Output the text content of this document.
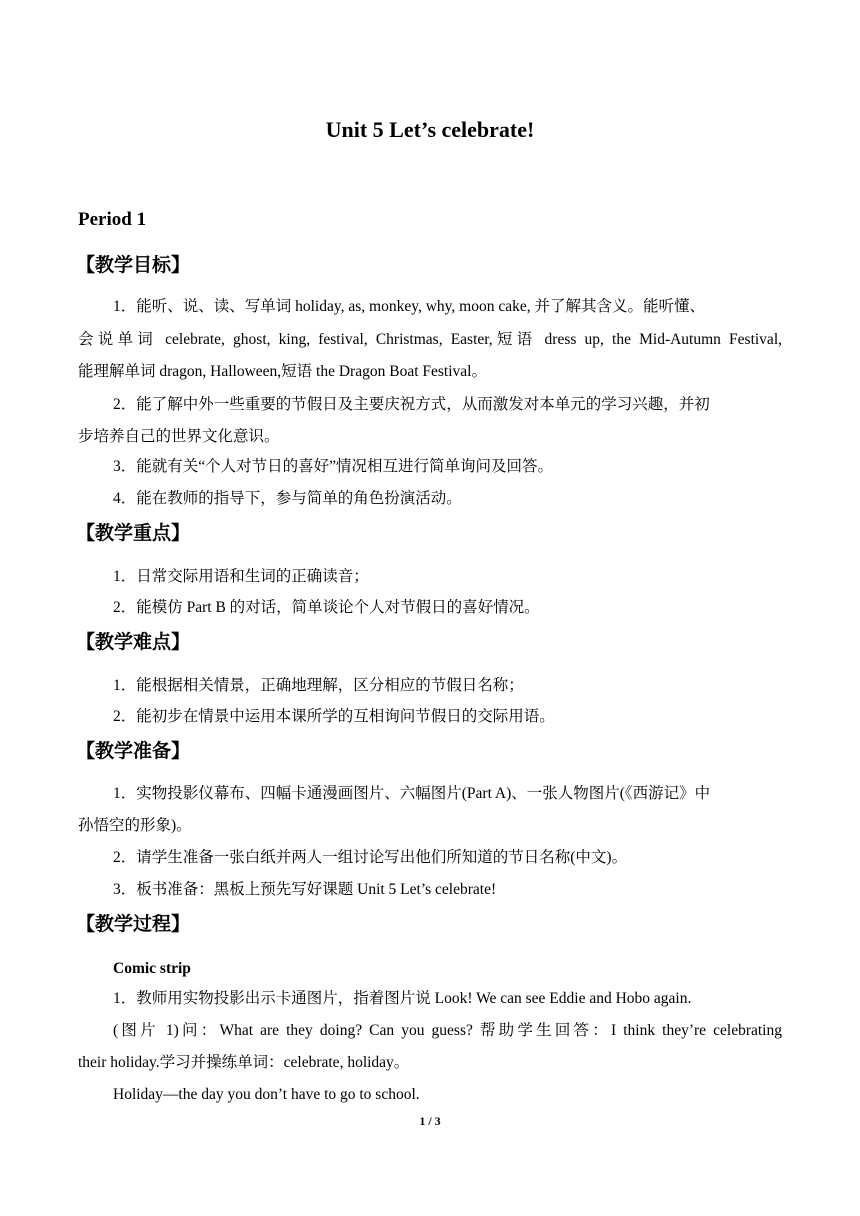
Unit 5 Let’s celebrate!
Period 1
【教学目标】
1．能听、说、读、写单词 holiday, as, monkey, why, moon cake, 并了解其含义。能听懂、
会说单词 celebrate, ghost, king, festival, Christmas, Easter,短语 dress up, the Mid-Autumn Festival,
能理解单词 dragon, Halloween,短语 the Dragon Boat Festival。
2．能了解中外一些重要的节假日及主要庆祝方式，从而激发对本单元的学习兴趣，并初
步培养自己的世界文化意识。
3．能就有关“个人对节日的喜好”情况相互进行简单询问及回答。
4．能在教师的指导下，参与简单的角色扮演活动。
【教学重点】
1．日常交际用语和生词的正确读音；
2．能模仿 Part B 的对话，简单谈论个人对节假日的喜好情况。
【教学难点】
1．能根据相关情景，正确地理解，区分相应的节假日名称；
2．能初步在情景中运用本课所学的互相询问节假日的交际用语。
【教学准备】
1．实物投影仪幕布、四幅卡通漫画图片、六幅图片(Part A)、一张人物图片(《西游记》中
孙悟空的形象)。
2．请学生准备一张白纸并两人一组讨论写出他们所知道的节日名称(中文)。
3．板书准备：黑板上预先写好课题 Unit 5 Let’s celebrate!
【教学过程】
Comic strip
1．教师用实物投影出示卡通图片，指着图片说 Look! We can see Eddie and Hobo again.
(图片 1)问：What are they doing? Can you guess? 帮助学生回答：I think they’re celebrating
their holiday.学习并操练单词：celebrate, holiday。
Holiday—the day you don’t have to go to school.
1 / 3
